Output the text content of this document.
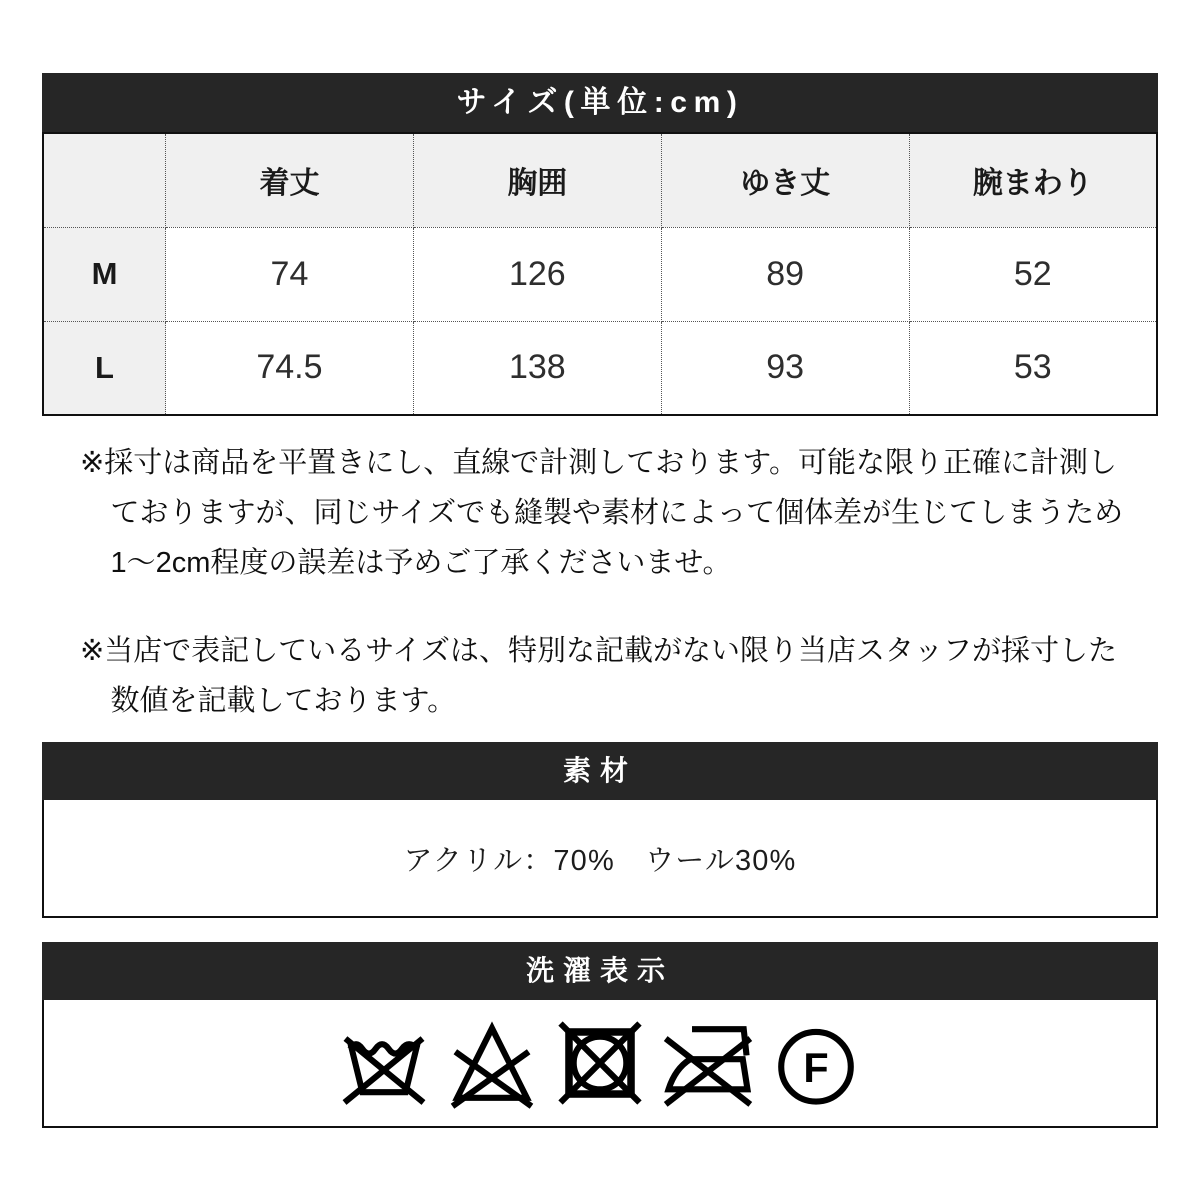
サイズ(単位:cm)
	着丈	胸囲	ゆき丈	腕まわり
M	74	126	89	52
L	74.5	138	93	53

※採寸は商品を平置きにし、直線で計測しております。可能な限り正確に計測しておりますが、同じサイズでも縫製や素材によって個体差が生じてしまうため1〜2cm程度の誤差は予めご了承くださいませ。

※当店で表記しているサイズは、特別な記載がない限り当店スタッフが採寸した数値を記載しております。

素材
アクリル：70%　ウール30%
洗濯表示
F
